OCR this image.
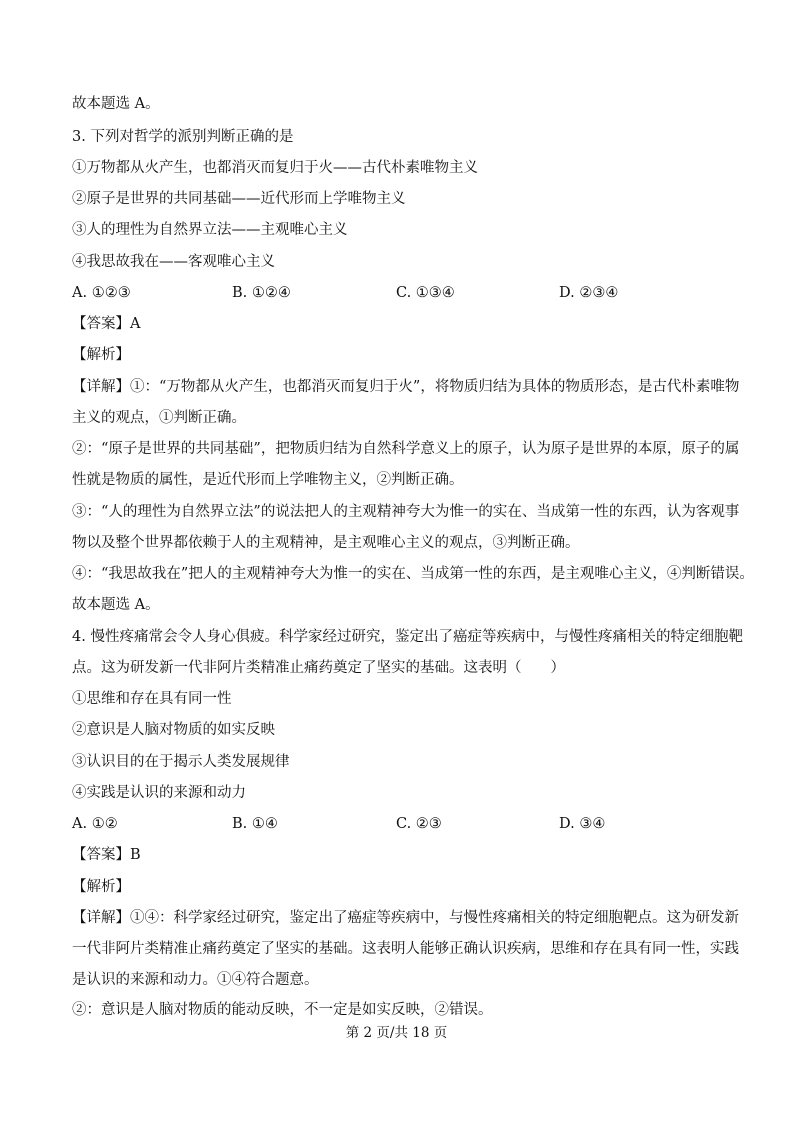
故本题选 A。
3. 下列对哲学的派别判断正确的是
①万物都从火产生，也都消灭而复归于火——古代朴素唯物主义
②原子是世界的共同基础——近代形而上学唯物主义
③人的理性为自然界立法——主观唯心主义
④我思故我在——客观唯心主义
A. ①②③	B. ①②④	C. ①③④	D. ②③④
【答案】A
【解析】
【详解】①：“万物都从火产生，也都消灭而复归于火”，将物质归结为具体的物质形态，是古代朴素唯物
主义的观点，①判断正确。
②：“原子是世界的共同基础”，把物质归结为自然科学意义上的原子，认为原子是世界的本原，原子的属
性就是物质的属性，是近代形而上学唯物主义，②判断正确。
③：“人的理性为自然界立法”的说法把人的主观精神夸大为惟一的实在、当成第一性的东西，认为客观事
物以及整个世界都依赖于人的主观精神，是主观唯心主义的观点，③判断正确。
④：“我思故我在”把人的主观精神夸大为惟一的实在、当成第一性的东西，是主观唯心主义，④判断错误。
故本题选 A。
4. 慢性疼痛常会令人身心俱疲。科学家经过研究，鉴定出了癌症等疾病中，与慢性疼痛相关的特定细胞靶
点。这为研发新一代非阿片类精准止痛药奠定了坚实的基础。这表明（　　）
①思维和存在具有同一性
②意识是人脑对物质的如实反映
③认识目的在于揭示人类发展规律
④实践是认识的来源和动力
A. ①②	B. ①④	C. ②③	D. ③④
【答案】B
【解析】
【详解】①④：科学家经过研究，鉴定出了癌症等疾病中，与慢性疼痛相关的特定细胞靶点。这为研发新
一代非阿片类精准止痛药奠定了坚实的基础。这表明人能够正确认识疾病，思维和存在具有同一性，实践
是认识的来源和动力。①④符合题意。
②：意识是人脑对物质的能动反映，不一定是如实反映，②错误。
第 2 页/共 18 页
